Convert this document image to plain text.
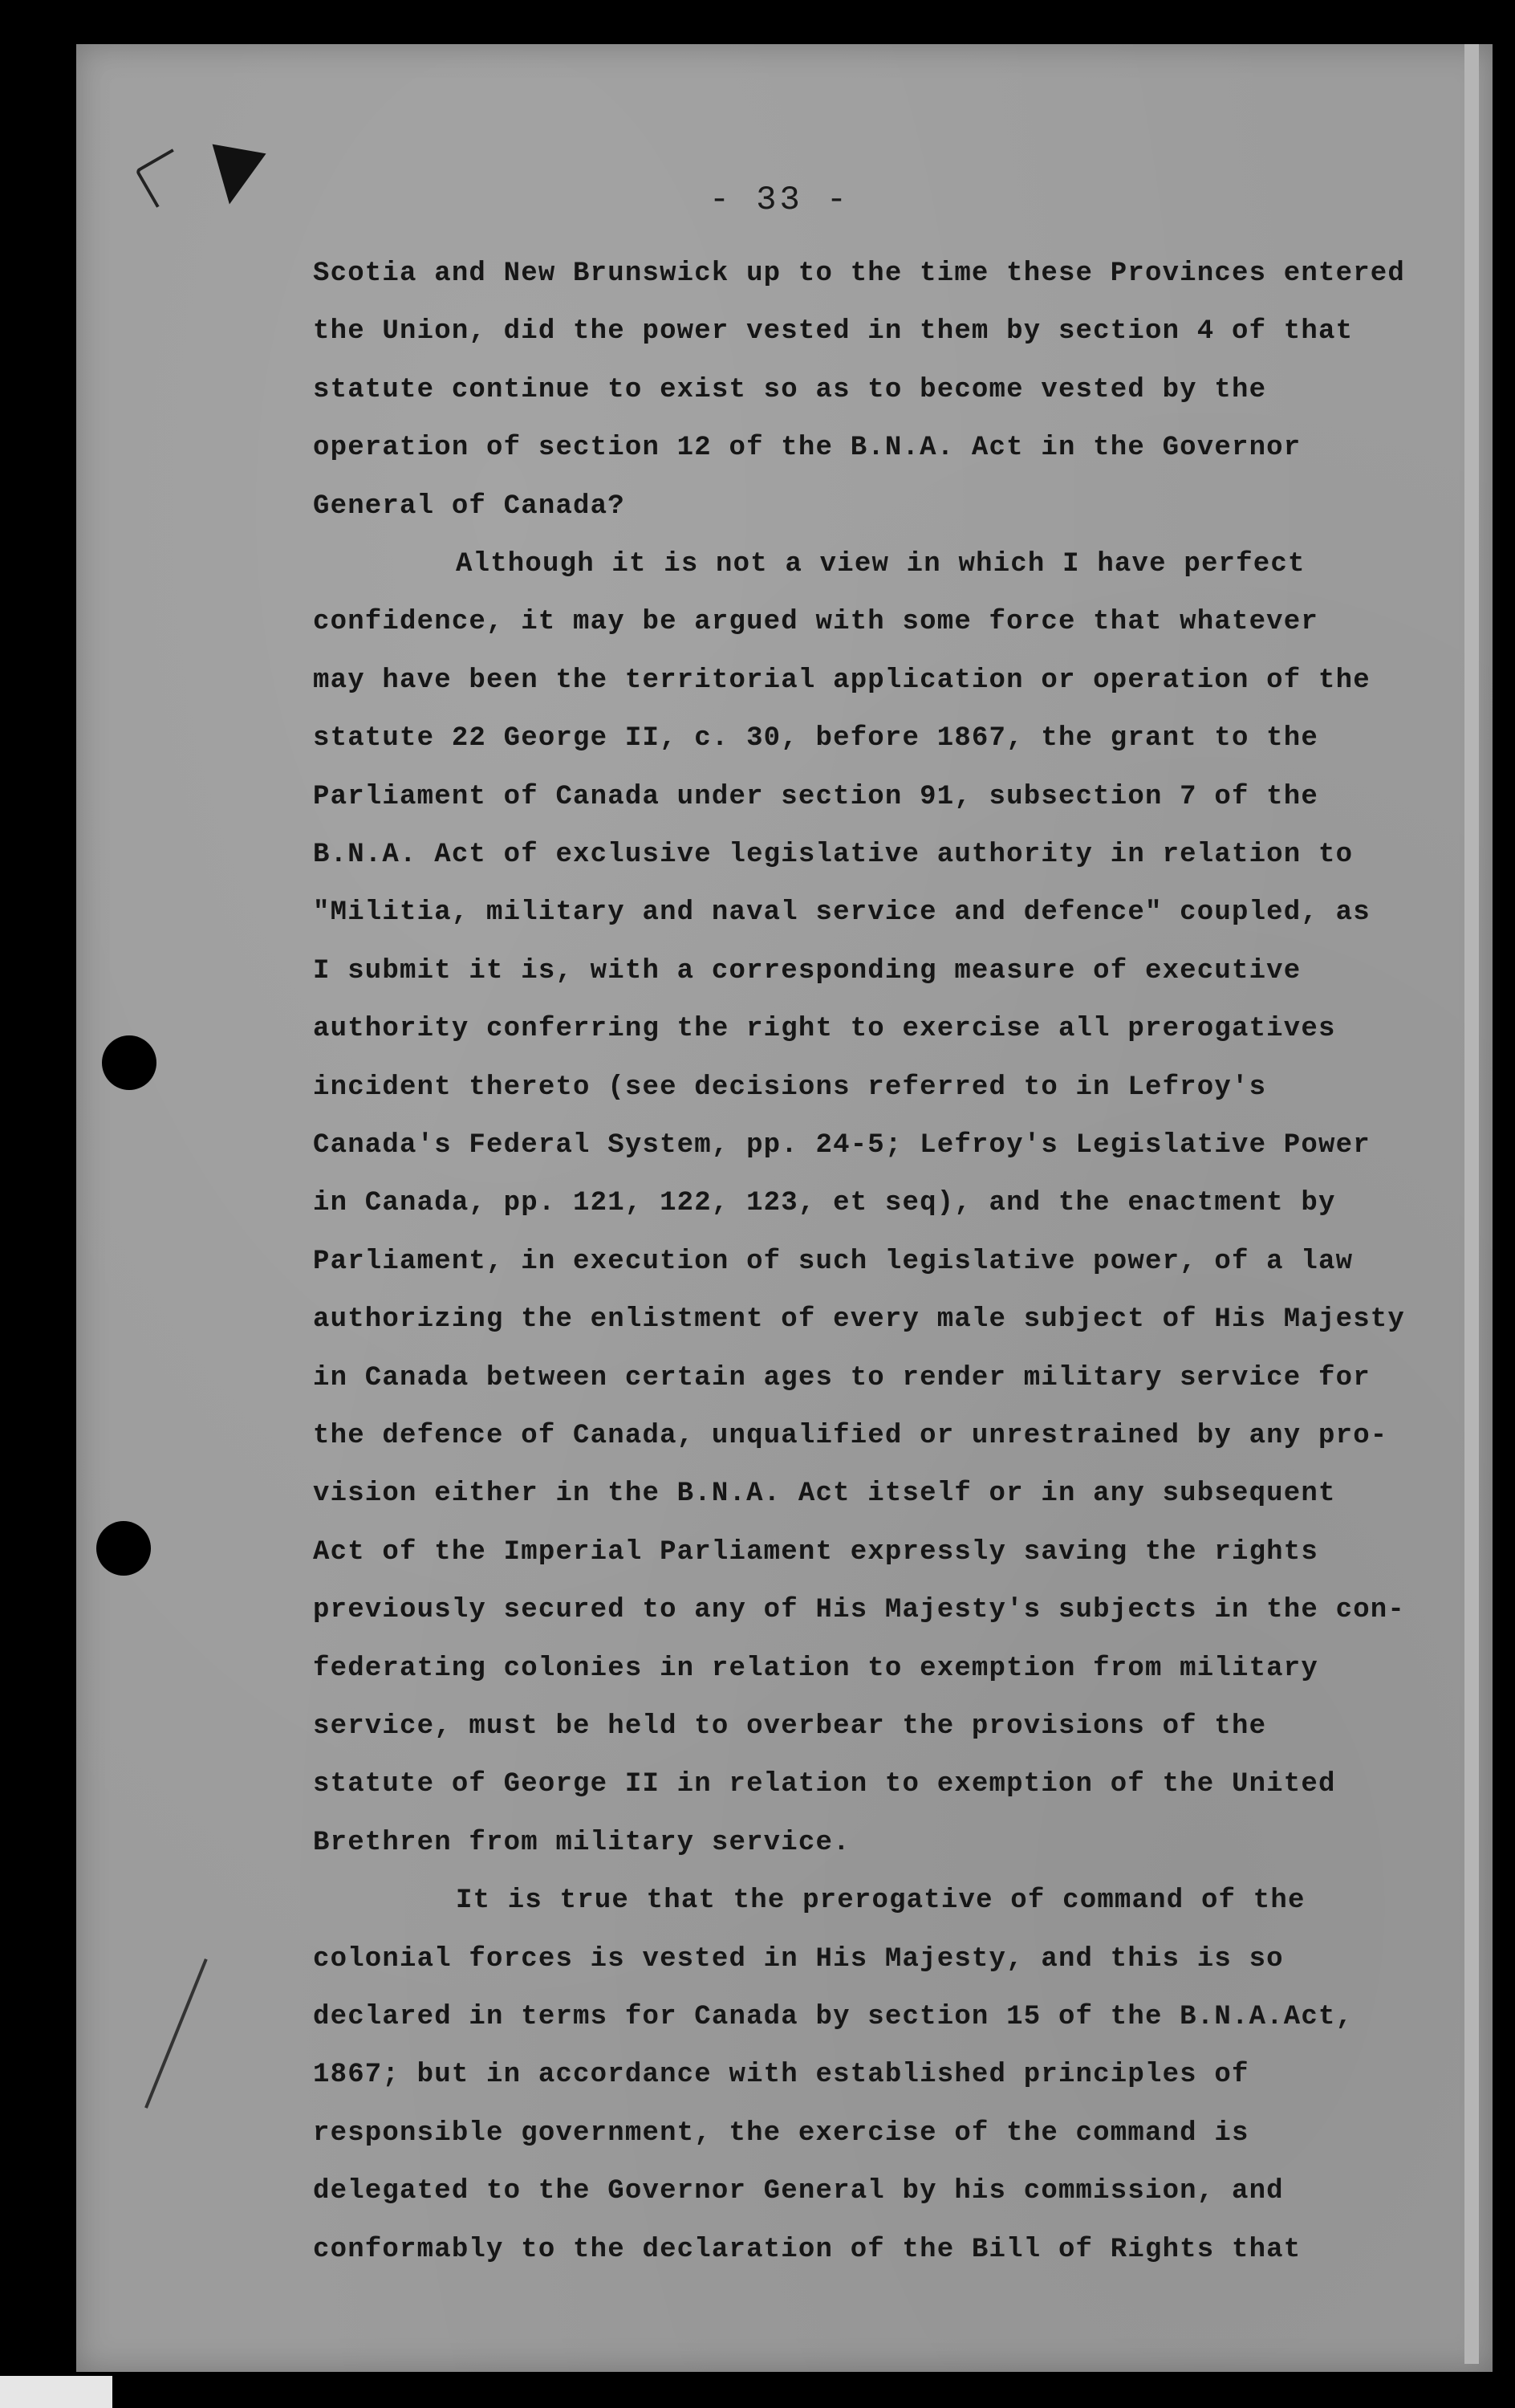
- 33 -
Scotia and New Brunswick up to the time these Provinces entered
the Union, did the power vested in them by section 4 of that
statute continue to exist so as to become vested by the
operation of section 12 of the B.N.A. Act in the Governor
General of Canada?
Although it is not a view in which I have perfect
confidence, it may be argued with some force that whatever
may have been the territorial application or operation of the
statute 22 George II, c. 30, before 1867, the grant to the
Parliament of Canada under section 91, subsection 7 of the
B.N.A. Act of exclusive legislative authority in relation to
"Militia, military and naval service and defence" coupled, as
I submit it is, with a corresponding measure of executive
authority conferring the right to exercise all prerogatives
incident thereto (see decisions referred to in Lefroy's
Canada's Federal System, pp. 24-5; Lefroy's Legislative Power
in Canada, pp. 121, 122, 123, et seq), and the enactment by
Parliament, in execution of such legislative power, of a law
authorizing the enlistment of every male subject of His Majesty
in Canada between certain ages to render military service for
the defence of Canada, unqualified or unrestrained by any pro-
vision either in the B.N.A. Act itself or in any subsequent
Act of the Imperial Parliament expressly saving the rights
previously secured to any of His Majesty's subjects in the con-
federating colonies in relation to exemption from military
service, must be held to overbear the provisions of the
statute of George II in relation to exemption of the United
Brethren from military service.
It is true that the prerogative of command of the
colonial forces is vested in His Majesty, and this is so
declared in terms for Canada by section 15 of the B.N.A.Act,
1867; but in accordance with established principles of
responsible government, the exercise of the command is
delegated to the Governor General by his commission, and
conformably to the declaration of the Bill of Rights that
